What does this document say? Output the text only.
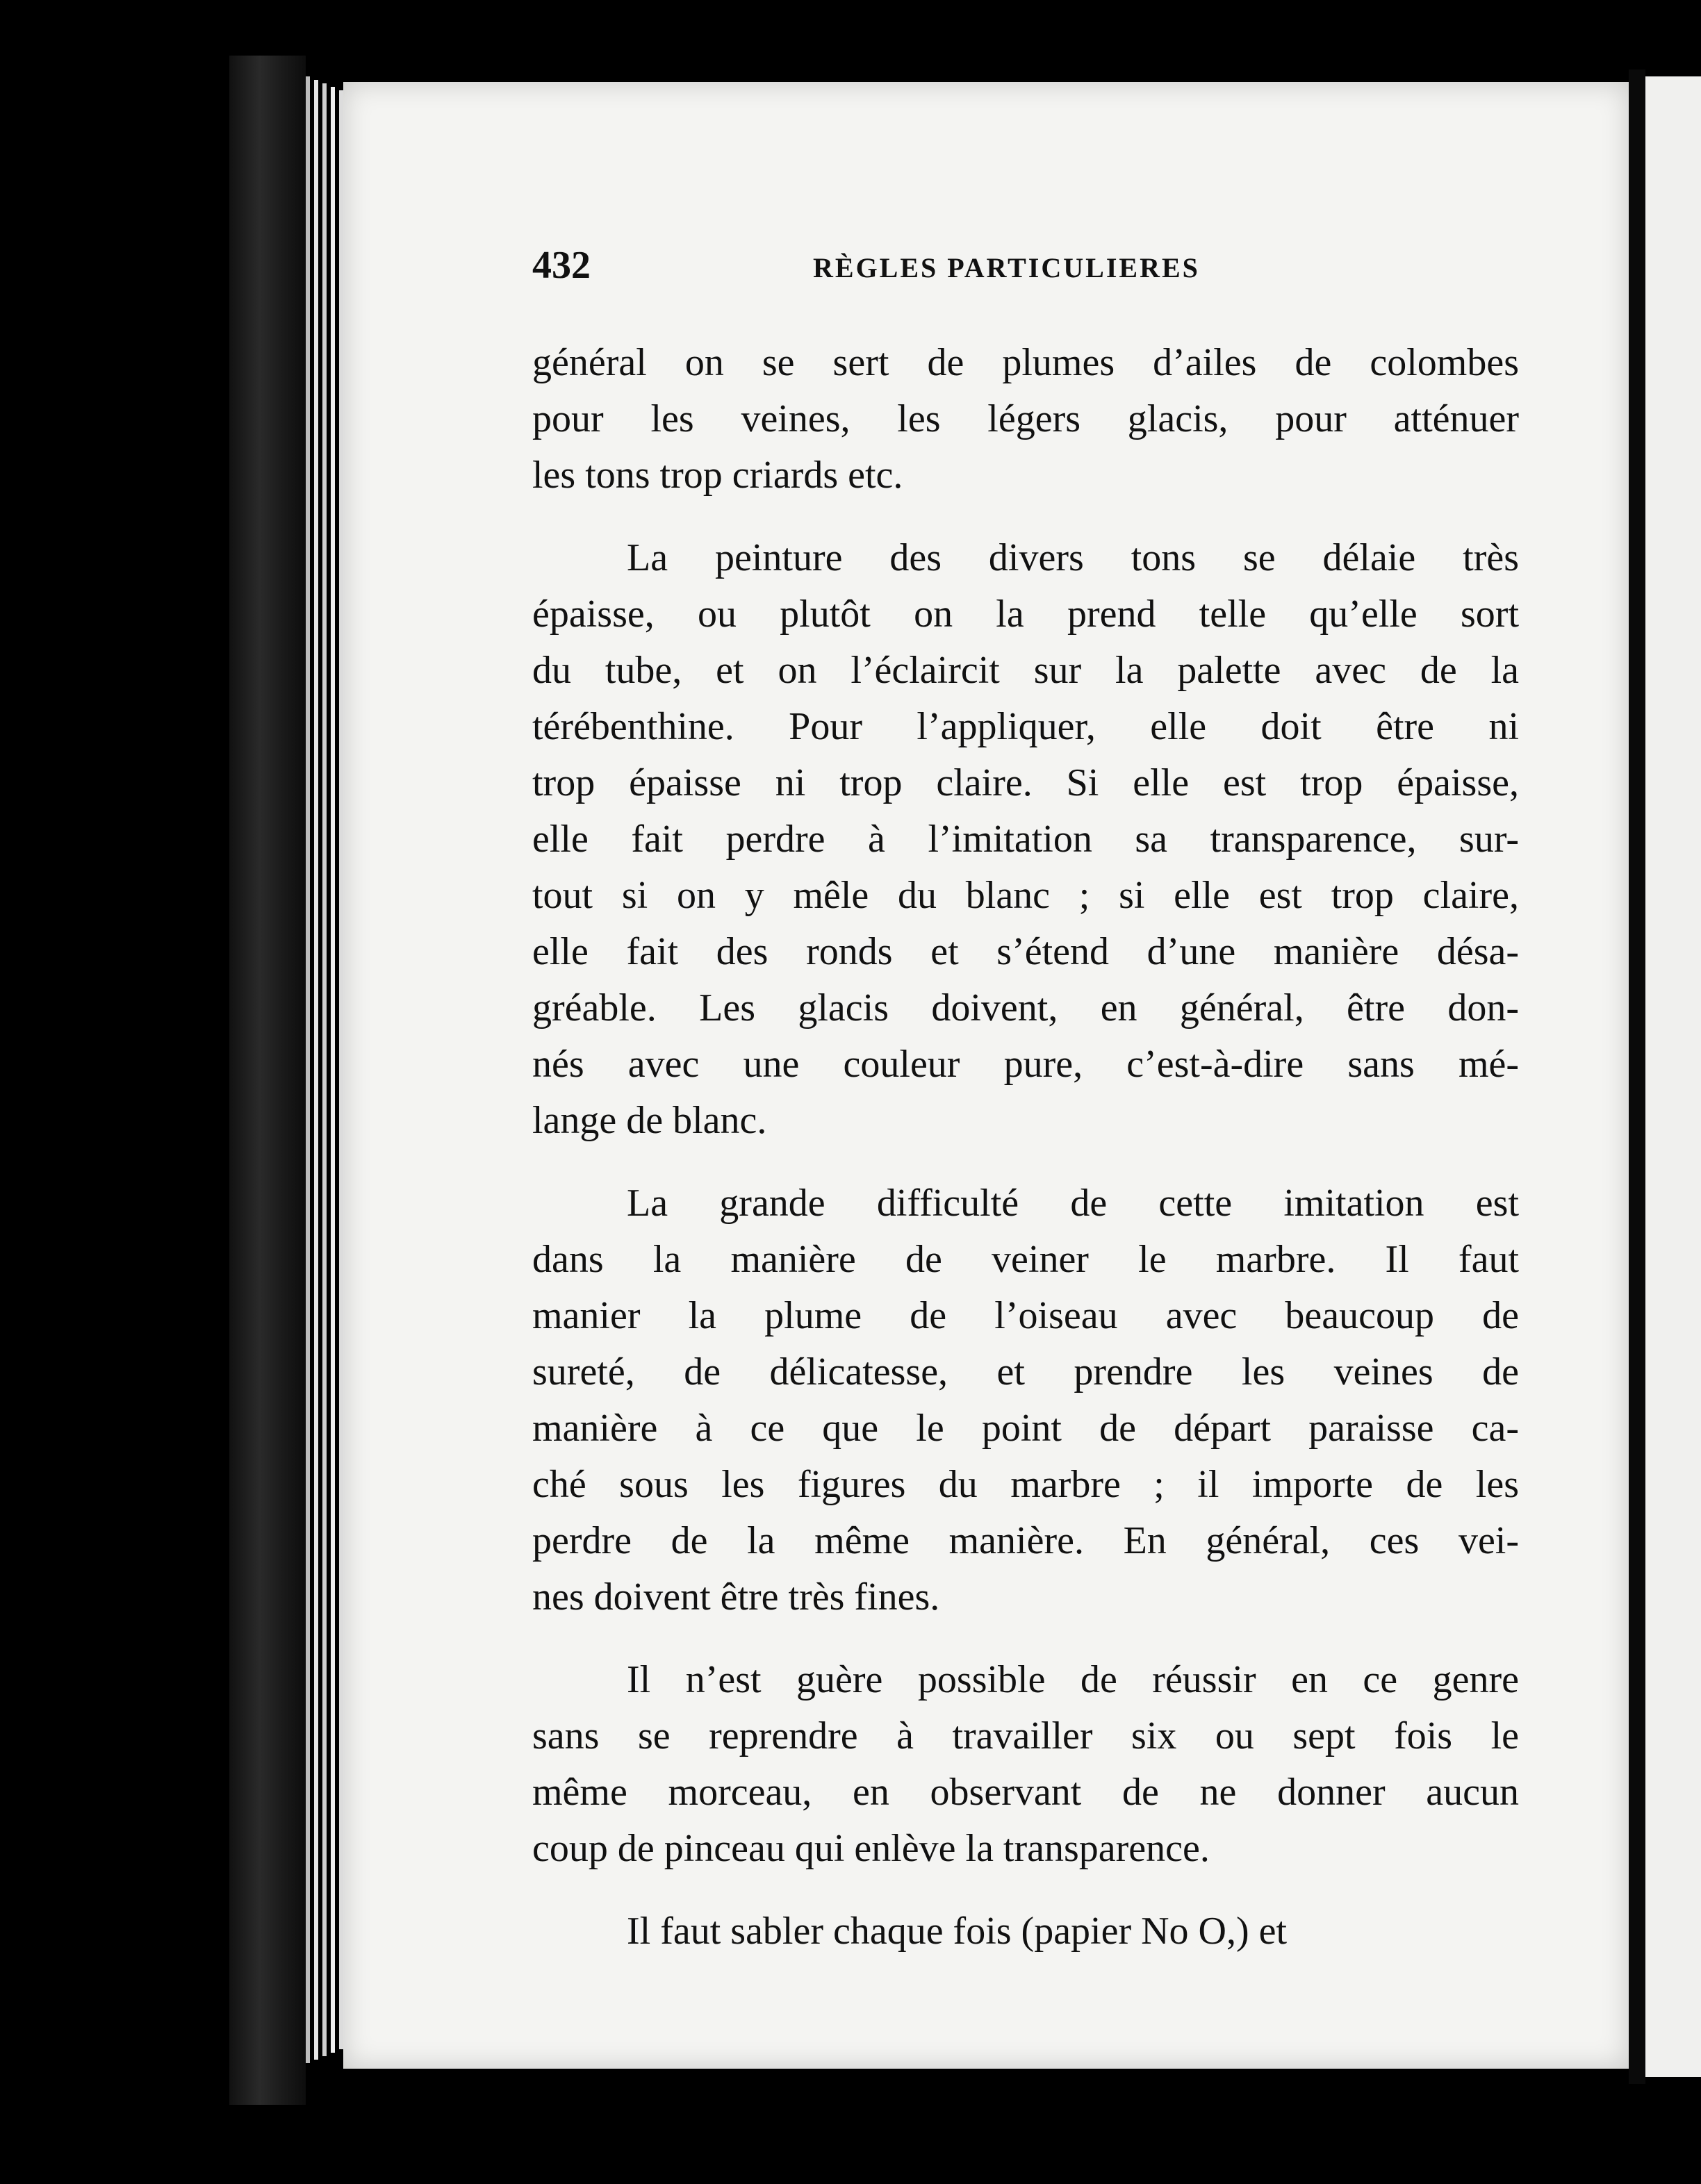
432	RÈGLES PARTICULIERES
général on se sert de plumes d’ailes de colombes
pour les veines, les légers glacis, pour atténuer
les tons trop criards etc.
La peinture des divers tons se délaie très
épaisse, ou plutôt on la prend telle qu’elle sort
du tube, et on l’éclaircit sur la palette avec de la
térébenthine. Pour l’appliquer, elle doit être ni
trop épaisse ni trop claire. Si elle est trop épaisse,
elle fait perdre à l’imitation sa transparence, sur-
tout si on y mêle du blanc ; si elle est trop claire,
elle fait des ronds et s’étend d’une manière désa-
gréable. Les glacis doivent, en général, être don-
nés avec une couleur pure, c’est-à-dire sans mé-
lange de blanc.
La grande difficulté de cette imitation est
dans la manière de veiner le marbre. Il faut
manier la plume de l’oiseau avec beaucoup de
sureté, de délicatesse, et prendre les veines de
manière à ce que le point de départ paraisse ca-
ché sous les figures du marbre ; il importe de les
perdre de la même manière. En général, ces vei-
nes doivent être très fines.
Il n’est guère possible de réussir en ce genre
sans se reprendre à travailler six ou sept fois le
même morceau, en observant de ne donner aucun
coup de pinceau qui enlève la transparence.
Il faut sabler chaque fois (papier No O,) et
